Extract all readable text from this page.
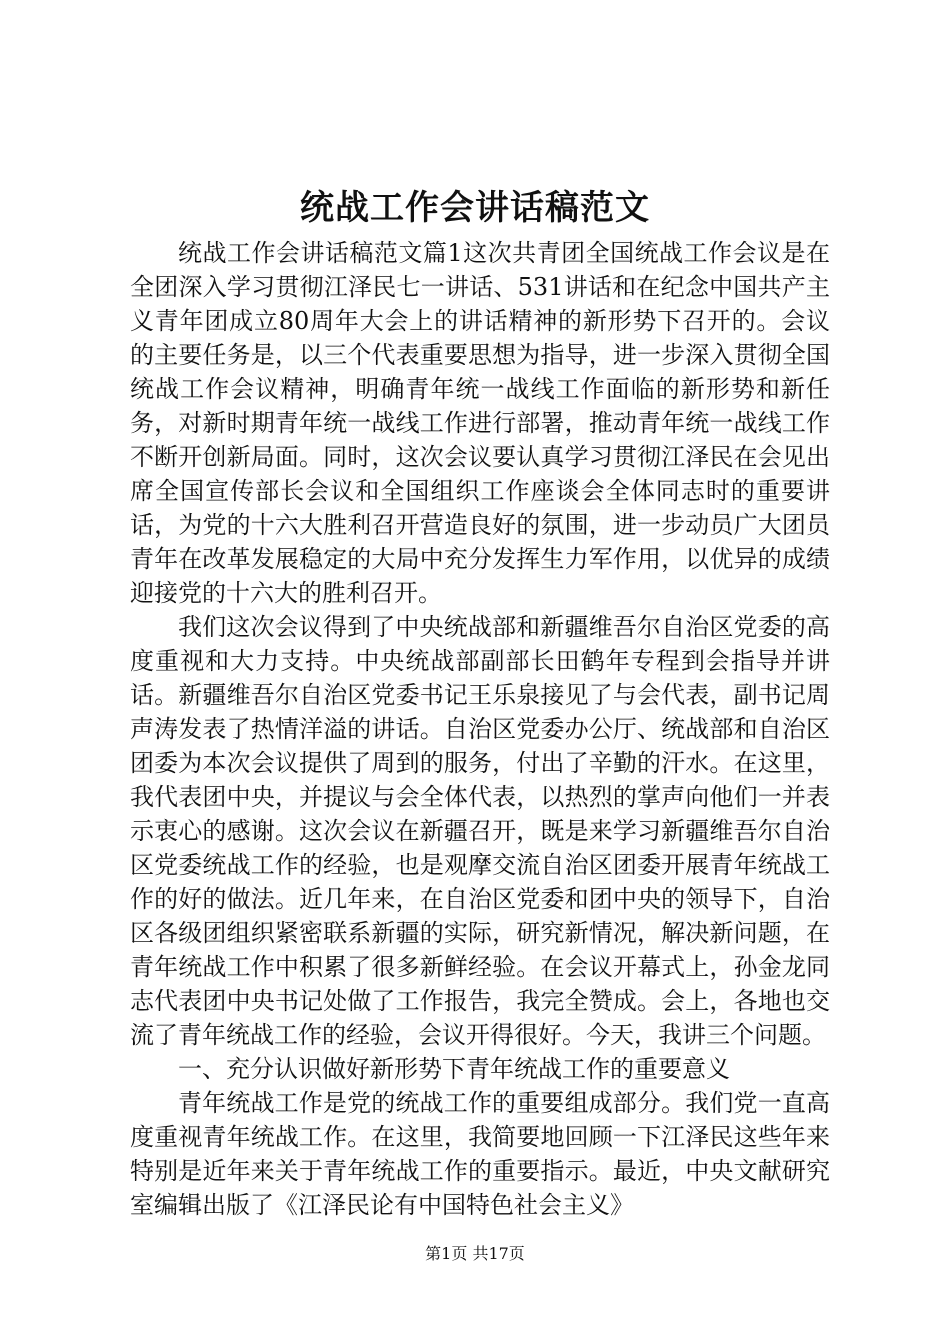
统战工作会讲话稿范文

统战工作会讲话稿范文篇1这次共青团全国统战工作会议是在全团深入学习贯彻江泽民七一讲话、531讲话和在纪念中国共产主义青年团成立80周年大会上的讲话精神的新形势下召开的。会议的主要任务是，以三个代表重要思想为指导，进一步深入贯彻全国统战工作会议精神，明确青年统一战线工作面临的新形势和新任务，对新时期青年统一战线工作进行部署，推动青年统一战线工作不断开创新局面。同时，这次会议要认真学习贯彻江泽民在会见出席全国宣传部长会议和全国组织工作座谈会全体同志时的重要讲话，为党的十六大胜利召开营造良好的氛围，进一步动员广大团员青年在改革发展稳定的大局中充分发挥生力军作用，以优异的成绩迎接党的十六大的胜利召开。

我们这次会议得到了中央统战部和新疆维吾尔自治区党委的高度重视和大力支持。中央统战部副部长田鹤年专程到会指导并讲话。新疆维吾尔自治区党委书记王乐泉接见了与会代表，副书记周声涛发表了热情洋溢的讲话。自治区党委办公厅、统战部和自治区团委为本次会议提供了周到的服务，付出了辛勤的汗水。在这里，我代表团中央，并提议与会全体代表，以热烈的掌声向他们一并表示衷心的感谢。这次会议在新疆召开，既是来学习新疆维吾尔自治区党委统战工作的经验，也是观摩交流自治区团委开展青年统战工作的好的做法。近几年来，在自治区党委和团中央的领导下，自治区各级团组织紧密联系新疆的实际，研究新情况，解决新问题，在青年统战工作中积累了很多新鲜经验。在会议开幕式上，孙金龙同志代表团中央书记处做了工作报告，我完全赞成。会上，各地也交流了青年统战工作的经验，会议开得很好。今天，我讲三个问题。

一、充分认识做好新形势下青年统战工作的重要意义

青年统战工作是党的统战工作的重要组成部分。我们党一直高度重视青年统战工作。在这里，我简要地回顾一下江泽民这些年来特别是近年来关于青年统战工作的重要指示。最近，中央文献研究室编辑出版了《江泽民论有中国特色社会主义》

第1页 共17页
